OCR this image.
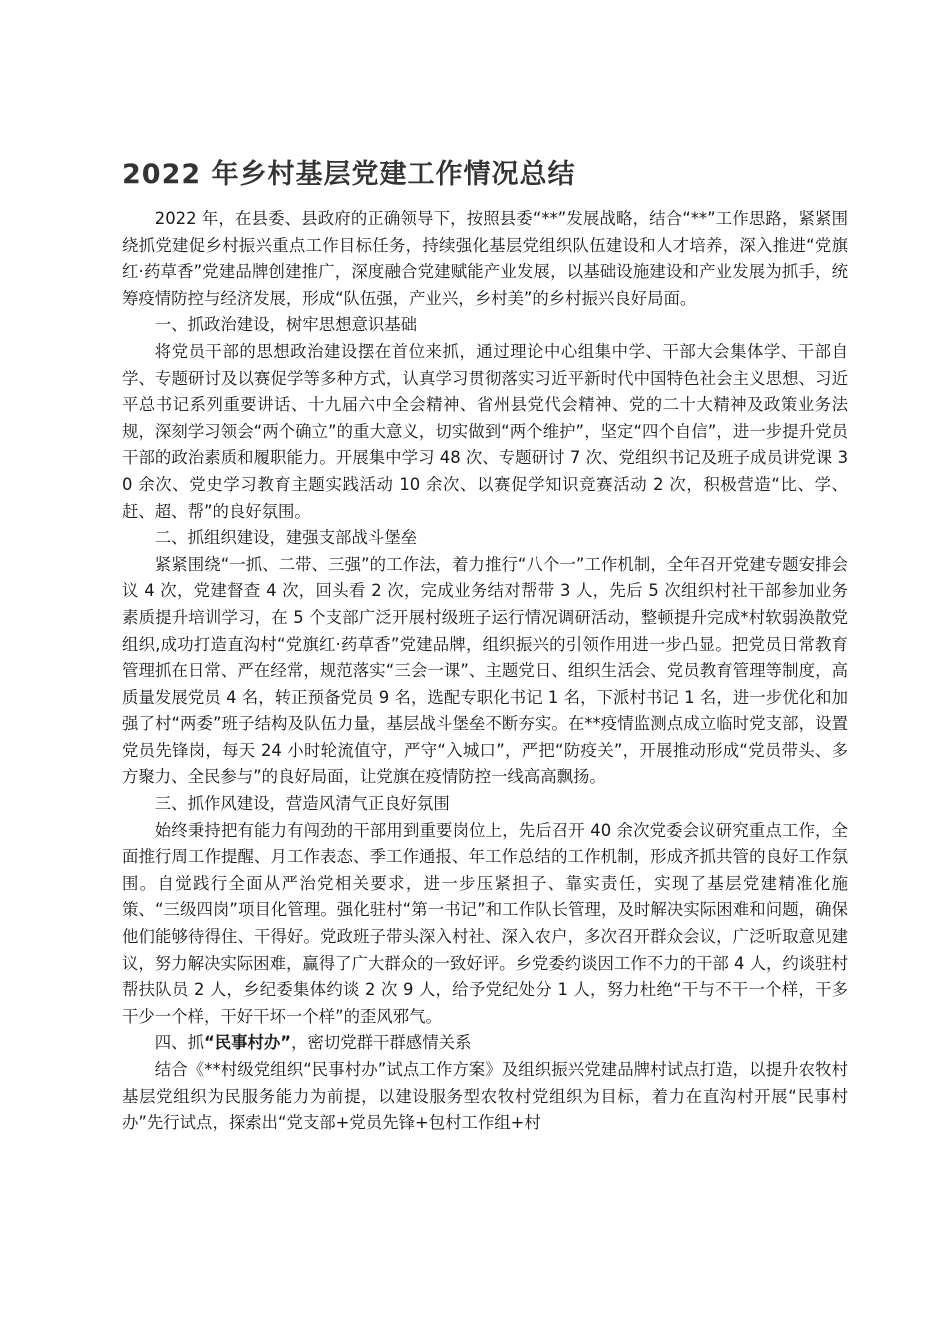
2022 年乡村基层党建工作情况总结

2022 年，在县委、县政府的正确领导下，按照县委“**”发展战略，结合“**”工作思路，紧紧围绕抓党建促乡村振兴重点工作目标任务，持续强化基层党组织队伍建设和人才培养，深入推进“党旗红·药草香”党建品牌创建推广，深度融合党建赋能产业发展，以基础设施建设和产业发展为抓手，统筹疫情防控与经济发展，形成“队伍强，产业兴，乡村美”的乡村振兴良好局面。

一、抓政治建设，树牢思想意识基础

将党员干部的思想政治建设摆在首位来抓，通过理论中心组集中学、干部大会集体学、干部自学、专题研讨及以赛促学等多种方式，认真学习贯彻落实习近平新时代中国特色社会主义思想、习近平总书记系列重要讲话、十九届六中全会精神、省州县党代会精神、党的二十大精神及政策业务法规，深刻学习领会“两个确立”的重大意义，切实做到“两个维护”，坚定“四个自信”，进一步提升党员干部的政治素质和履职能力。开展集中学习 48 次、专题研讨 7 次、党组织书记及班子成员讲党课 30 余次、党史学习教育主题实践活动 10 余次、以赛促学知识竞赛活动 2 次，积极营造“比、学、赶、超、帮”的良好氛围。

二、抓组织建设，建强支部战斗堡垒

紧紧围绕“一抓、二带、三强”的工作法，着力推行“八个一”工作机制，全年召开党建专题安排会议 4 次，党建督查 4 次，回头看 2 次，完成业务结对帮带 3 人，先后 5 次组织村社干部参加业务素质提升培训学习，在 5 个支部广泛开展村级班子运行情况调研活动，整顿提升完成*村软弱涣散党组织,成功打造直沟村“党旗红·药草香”党建品牌，组织振兴的引领作用进一步凸显。把党员日常教育管理抓在日常、严在经常，规范落实“三会一课”、主题党日、组织生活会、党员教育管理等制度，高质量发展党员 4 名，转正预备党员 9 名，选配专职化书记 1 名，下派村书记 1 名，进一步优化和加强了村“两委”班子结构及队伍力量，基层战斗堡垒不断夯实。在**疫情监测点成立临时党支部，设置党员先锋岗，每天 24 小时轮流值守，严守“入城口”，严把“防疫关”，开展推动形成“党员带头、多方聚力、全民参与”的良好局面，让党旗在疫情防控一线高高飘扬。

三、抓作风建设，营造风清气正良好氛围

始终秉持把有能力有闯劲的干部用到重要岗位上，先后召开 40 余次党委会议研究重点工作，全面推行周工作提醒、月工作表态、季工作通报、年工作总结的工作机制，形成齐抓共管的良好工作氛围。自觉践行全面从严治党相关要求，进一步压紧担子、靠实责任，实现了基层党建精准化施策、“三级四岗”项目化管理。强化驻村“第一书记”和工作队长管理，及时解决实际困难和问题，确保他们能够待得住、干得好。党政班子带头深入村社、深入农户，多次召开群众会议，广泛听取意见建议，努力解决实际困难，赢得了广大群众的一致好评。乡党委约谈因工作不力的干部 4 人，约谈驻村帮扶队员 2 人，乡纪委集体约谈 2 次 9 人，给予党纪处分 1 人，努力杜绝“干与不干一个样，干多干少一个样，干好干坏一个样”的歪风邪气。

四、抓“民事村办”，密切党群干群感情关系

结合《**村级党组织“民事村办”试点工作方案》及组织振兴党建品牌村试点打造，以提升农牧村基层党组织为民服务能力为前提，以建设服务型农牧村党组织为目标，着力在直沟村开展“民事村办”先行试点，探索出“党支部+党员先锋+包村工作组+村
